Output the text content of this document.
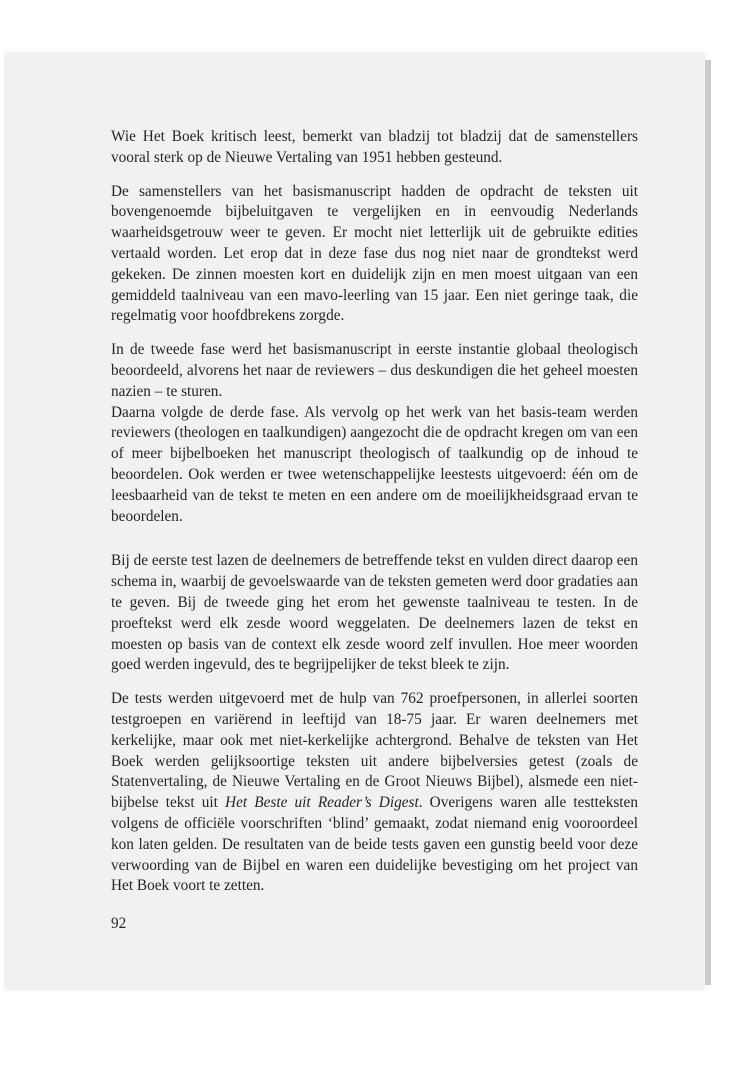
Wie Het Boek kritisch leest, bemerkt van bladzij tot bladzij dat de samenstellers vooral sterk op de Nieuwe Vertaling van 1951 hebben gesteund.

De samenstellers van het basismanuscript hadden de opdracht de teksten uit bovengenoemde bijbeluitgaven te vergelijken en in eenvoudig Nederlands waarheidsgetrouw weer te geven. Er mocht niet letterlijk uit de gebruikte edities vertaald worden. Let erop dat in deze fase dus nog niet naar de grondtekst werd gekeken. De zinnen moesten kort en duidelijk zijn en men moest uitgaan van een gemiddeld taalniveau van een mavo-leerling van 15 jaar. Een niet geringe taak, die regelmatig voor hoofdbrekens zorgde.

In de tweede fase werd het basismanuscript in eerste instantie globaal theologisch beoordeeld, alvorens het naar de reviewers – dus deskundigen die het geheel moesten nazien – te sturen.

Daarna volgde de derde fase. Als vervolg op het werk van het basis-team werden reviewers (theologen en taalkundigen) aangezocht die de opdracht kregen om van een of meer bijbelboeken het manuscript theologisch of taalkundig op de inhoud te beoordelen. Ook werden er twee wetenschappelijke leestests uitgevoerd: één om de leesbaarheid van de tekst te meten en een andere om de moeilijkheidsgraad ervan te beoordelen.

Bij de eerste test lazen de deelnemers de betreffende tekst en vulden direct daarop een schema in, waarbij de gevoelswaarde van de teksten gemeten werd door gradaties aan te geven. Bij de tweede ging het erom het gewenste taalniveau te testen. In de proeftekst werd elk zesde woord weggelaten. De deelnemers lazen de tekst en moesten op basis van de context elk zesde woord zelf invullen. Hoe meer woorden goed werden ingevuld, des te begrijpelijker de tekst bleek te zijn.

De tests werden uitgevoerd met de hulp van 762 proefpersonen, in allerlei soorten testgroepen en variërend in leeftijd van 18-75 jaar. Er waren deelnemers met kerkelijke, maar ook met niet-kerkelijke achtergrond. Behalve de teksten van Het Boek werden gelijksoortige teksten uit andere bijbelversies getest (zoals de Statenvertaling, de Nieuwe Vertaling en de Groot Nieuws Bijbel), alsmede een niet-bijbelse tekst uit Het Beste uit Reader’s Digest. Overigens waren alle testteksten volgens de officiële voorschriften ‘blind’ gemaakt, zodat niemand enig vooroordeel kon laten gelden. De resultaten van de beide tests gaven een gunstig beeld voor deze verwoording van de Bijbel en waren een duidelijke bevestiging om het project van Het Boek voort te zetten.

92
